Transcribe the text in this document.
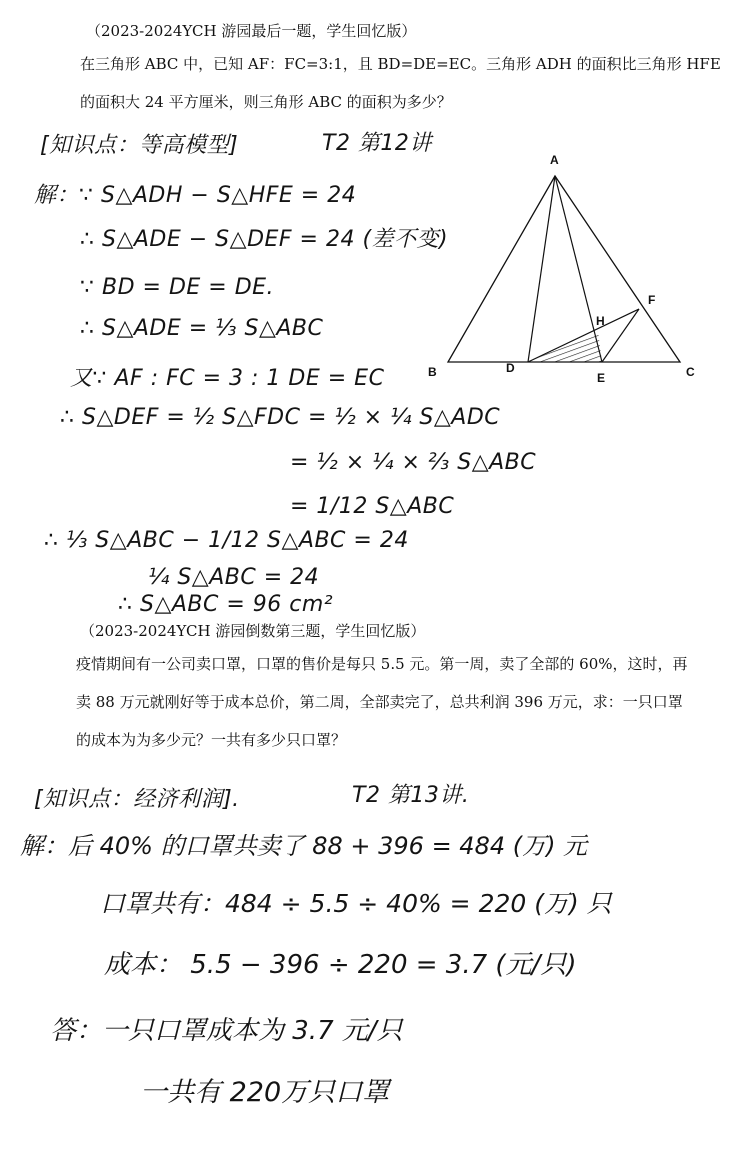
（2023-2024YCH 游园最后一题，学生回忆版）
在三角形 ABC 中，已知 AF：FC=3:1，且 BD=DE=EC。三角形 ADH 的面积比三角形 HFE
的面积大 24 平方厘米，则三角形 ABC 的面积为多少？
[知识点：等高模型]	T2 第12讲
解：∵ S△ADH − S△HFE = 24
∴ S△ADE − S△DEF = 24 (差不变)
∵ BD = DE = DE.
∴ S△ADE = ⅓ S△ABC
又∵ AF : FC = 3 : 1 DE = EC
∴ S△DEF = ½ S△FDC = ½ × ¼ S△ADC
= ½ × ¼ × ⅔ S△ABC
= 1/12 S△ABC
∴ ⅓ S△ABC − 1/12 S△ABC = 24
¼ S△ABC = 24
∴ S△ABC = 96 cm²
A
B	C
D
E
F
H
（2023-2024YCH 游园倒数第三题，学生回忆版）
疫情期间有一公司卖口罩，口罩的售价是每只 5.5 元。第一周，卖了全部的 60%，这时，再
卖 88 万元就刚好等于成本总价，第二周，全部卖完了，总共利润 396 万元，求：一只口罩
的成本为为多少元？一共有多少只口罩？
[知识点：经济利润].	T2 第13讲.
解：后 40% 的口罩共卖了 88 + 396 = 484 (万) 元
口罩共有：484 ÷ 5.5 ÷ 40% = 220 (万) 只
成本： 5.5 − 396 ÷ 220 = 3.7 (元/只)
答：一只口罩成本为 3.7 元/只
一共有 220万只口罩
